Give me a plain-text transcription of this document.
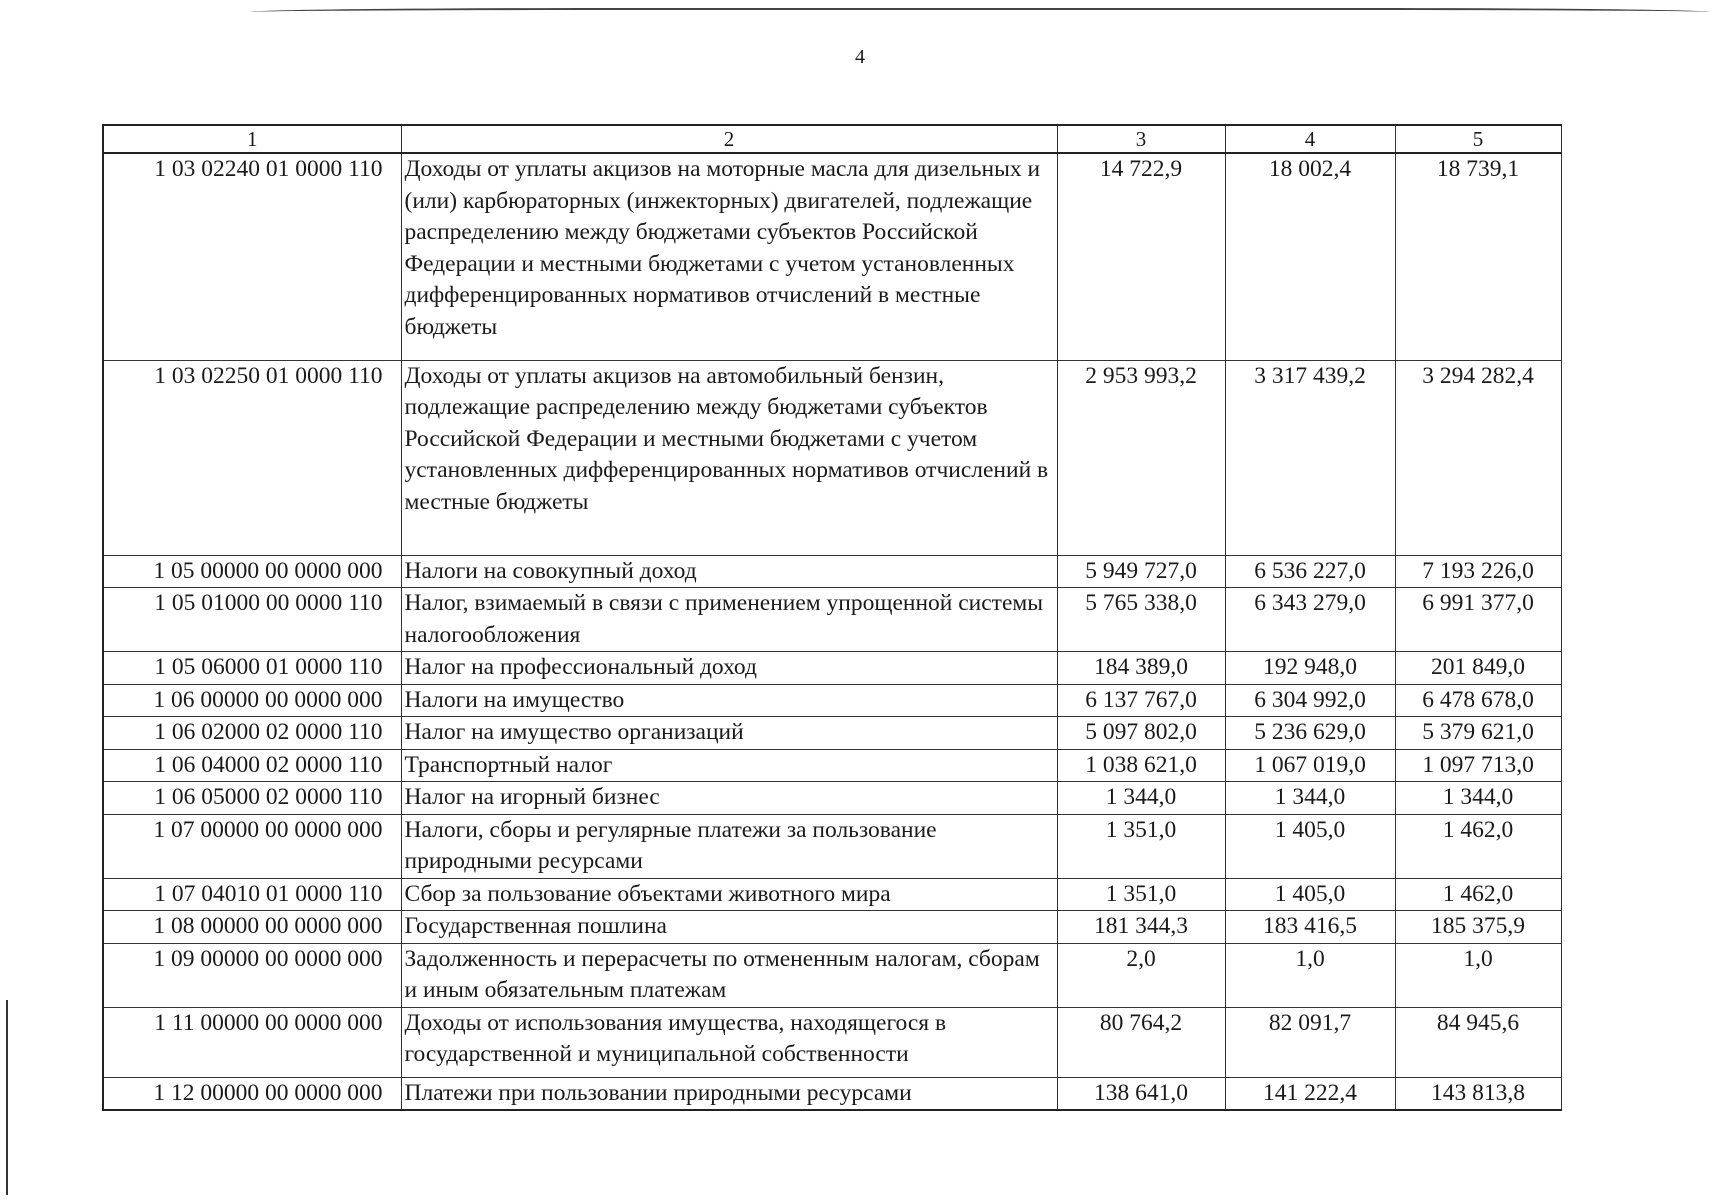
4
1	2	3	4	5
1 03 02240 01 0000 110	Доходы от уплаты акцизов на моторные масла для дизельных и (или) карбюраторных (инжекторных) двигателей, подлежащие распределению между бюджетами субъектов Российской Федерации и местными бюджетами с учетом установленных дифференцированных нормативов отчислений в местные бюджеты	14 722,9	18 002,4	18 739,1
1 03 02250 01 0000 110	Доходы от уплаты акцизов на автомобильный бензин, подлежащие распределению между бюджетами субъектов Российской Федерации и местными бюджетами с учетом установленных дифференцированных нормативов отчислений в местные бюджеты	2 953 993,2	3 317 439,2	3 294 282,4
1 05 00000 00 0000 000	Налоги на совокупный доход	5 949 727,0	6 536 227,0	7 193 226,0
1 05 01000 00 0000 110	Налог, взимаемый в связи с применением упрощенной системы налогообложения	5 765 338,0	6 343 279,0	6 991 377,0
1 05 06000 01 0000 110	Налог на профессиональный доход	184 389,0	192 948,0	201 849,0
1 06 00000 00 0000 000	Налоги на имущество	6 137 767,0	6 304 992,0	6 478 678,0
1 06 02000 02 0000 110	Налог на имущество организаций	5 097 802,0	5 236 629,0	5 379 621,0
1 06 04000 02 0000 110	Транспортный налог	1 038 621,0	1 067 019,0	1 097 713,0
1 06 05000 02 0000 110	Налог на игорный бизнес	1 344,0	1 344,0	1 344,0
1 07 00000 00 0000 000	Налоги, сборы и регулярные платежи за пользование природными ресурсами	1 351,0	1 405,0	1 462,0
1 07 04010 01 0000 110	Сбор за пользование объектами животного мира	1 351,0	1 405,0	1 462,0
1 08 00000 00 0000 000	Государственная пошлина	181 344,3	183 416,5	185 375,9
1 09 00000 00 0000 000	Задолженность и перерасчеты по отмененным налогам, сборам и иным обязательным платежам	2,0	1,0	1,0
1 11 00000 00 0000 000	Доходы от использования имущества, находящегося в государственной и муниципальной собственности	80 764,2	82 091,7	84 945,6
1 12 00000 00 0000 000	Платежи при пользовании природными ресурсами	138 641,0	141 222,4	143 813,8
